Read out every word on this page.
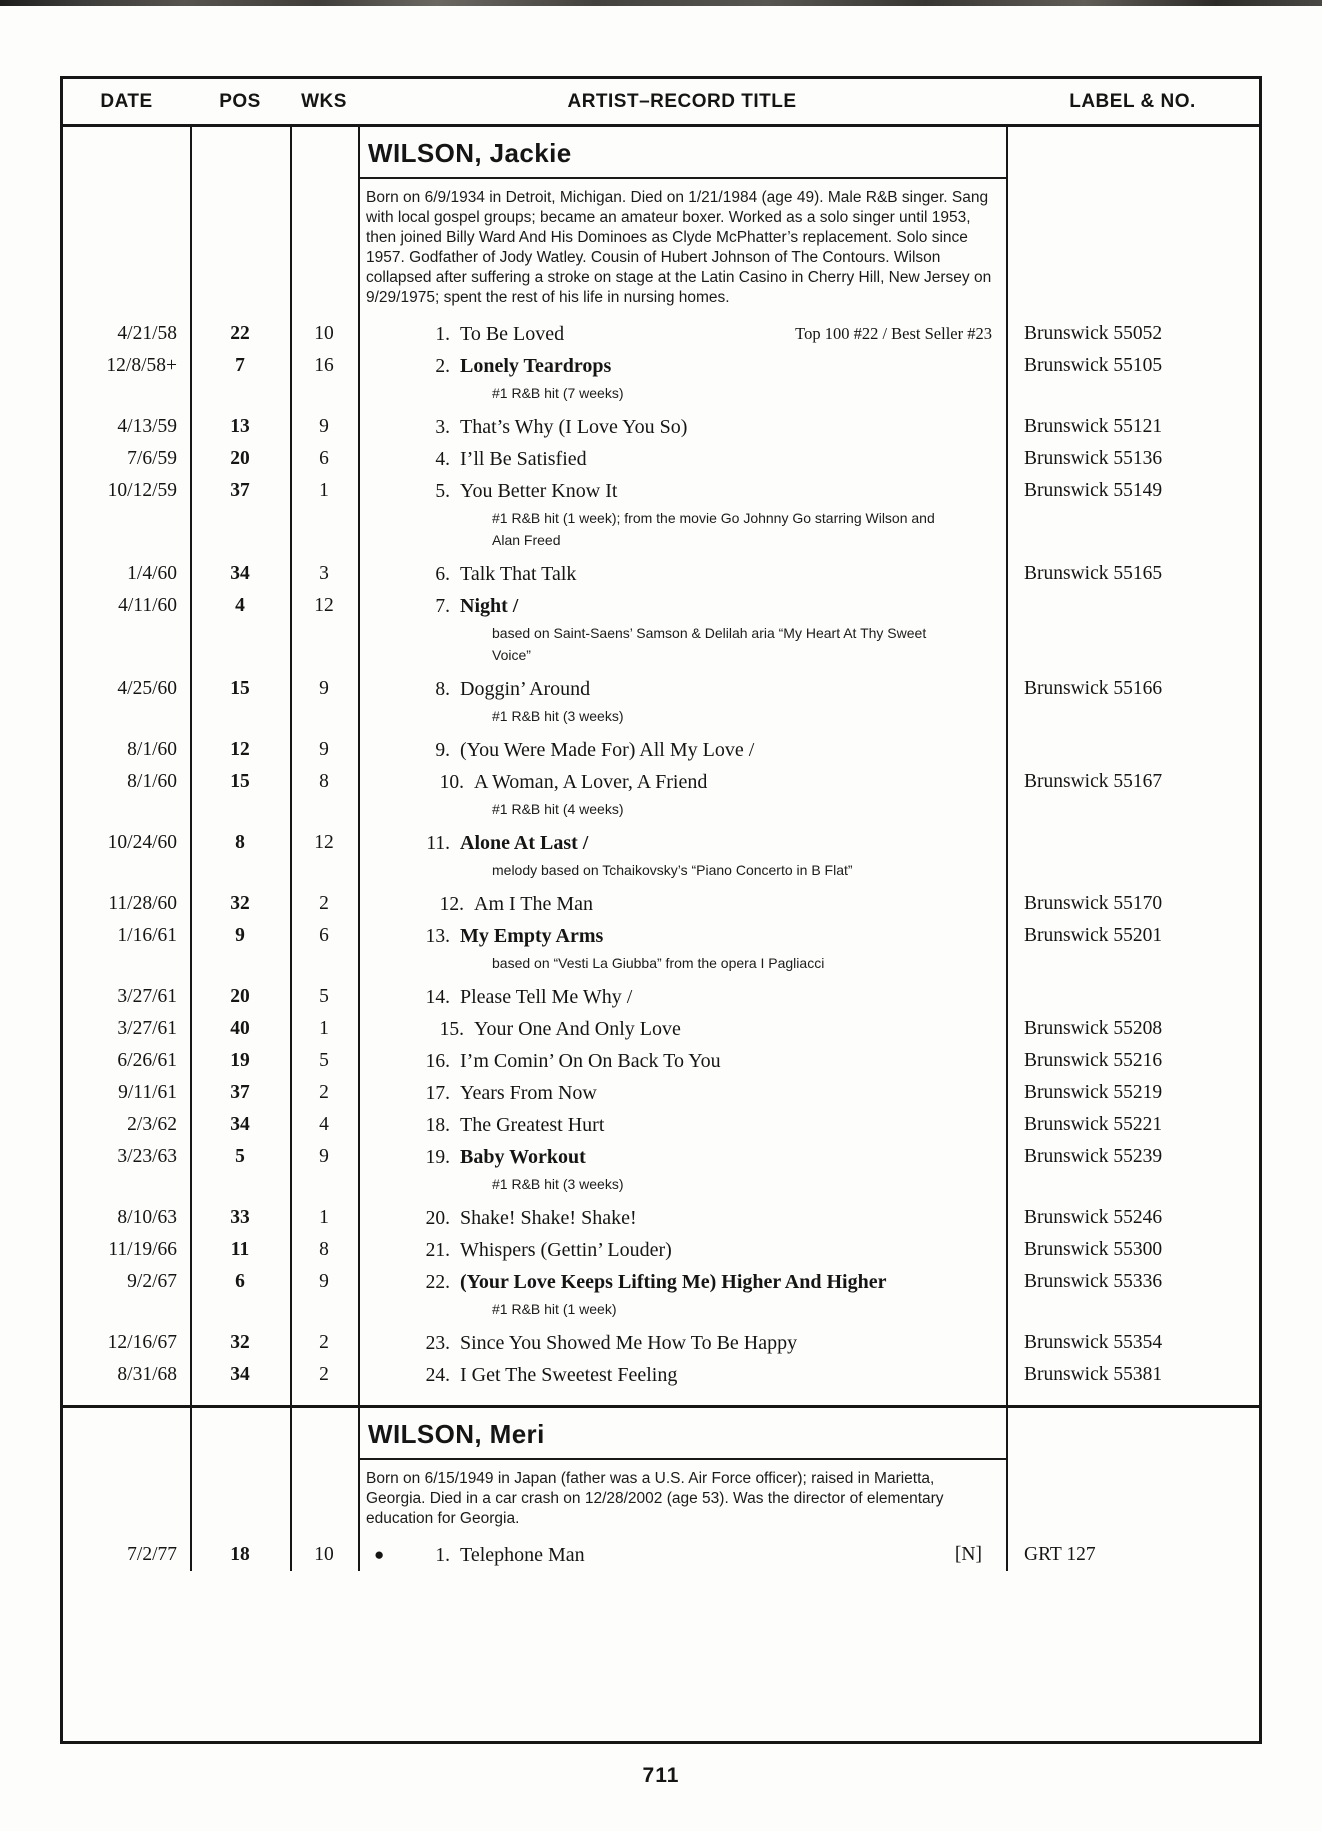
DATE	POS	WKS	ARTIST–RECORD TITLE	LABEL & NO.
WILSON, Jackie
Born on 6/9/1934 in Detroit, Michigan. Died on 1/21/1984 (age 49). Male R&B singer. Sang with local gospel groups; became an amateur boxer. Worked as a solo singer until 1953, then joined Billy Ward And His Dominoes as Clyde McPhatter’s replacement. Solo since 1957. Godfather of Jody Watley. Cousin of Hubert Johnson of The Contours. Wilson collapsed after suffering a stroke on stage at the Latin Casino in Cherry Hill, New Jersey on 9/29/1975; spent the rest of his life in nursing homes.
4/21/58	22	10	1. To Be Loved	Top 100 #22 / Best Seller #23	Brunswick 55052
12/8/58+	7	16	2. Lonely Teardrops	Brunswick 55105
#1 R&B hit (7 weeks)
4/13/59	13	9	3. That’s Why (I Love You So)	Brunswick 55121
7/6/59	20	6	4. I’ll Be Satisfied	Brunswick 55136
10/12/59	37	1	5. You Better Know It	Brunswick 55149
#1 R&B hit (1 week); from the movie Go Johnny Go starring Wilson and Alan Freed
1/4/60	34	3	6. Talk That Talk	Brunswick 55165
4/11/60	4	12	7. Night /
based on Saint-Saens’ Samson & Delilah aria “My Heart At Thy Sweet Voice”
4/25/60	15	9	8. Doggin’ Around	Brunswick 55166
#1 R&B hit (3 weeks)
8/1/60	12	9	9. (You Were Made For) All My Love /
8/1/60	15	8	10. A Woman, A Lover, A Friend	Brunswick 55167
#1 R&B hit (4 weeks)
10/24/60	8	12	11. Alone At Last /
melody based on Tchaikovsky’s “Piano Concerto in B Flat”
11/28/60	32	2	12. Am I The Man	Brunswick 55170
1/16/61	9	6	13. My Empty Arms	Brunswick 55201
based on “Vesti La Giubba” from the opera I Pagliacci
3/27/61	20	5	14. Please Tell Me Why /
3/27/61	40	1	15. Your One And Only Love	Brunswick 55208
6/26/61	19	5	16. I’m Comin’ On On Back To You	Brunswick 55216
9/11/61	37	2	17. Years From Now	Brunswick 55219
2/3/62	34	4	18. The Greatest Hurt	Brunswick 55221
3/23/63	5	9	19. Baby Workout	Brunswick 55239
#1 R&B hit (3 weeks)
8/10/63	33	1	20. Shake! Shake! Shake!	Brunswick 55246
11/19/66	11	8	21. Whispers (Gettin’ Louder)	Brunswick 55300
9/2/67	6	9	22. (Your Love Keeps Lifting Me) Higher And Higher	Brunswick 55336
#1 R&B hit (1 week)
12/16/67	32	2	23. Since You Showed Me How To Be Happy	Brunswick 55354
8/31/68	34	2	24. I Get The Sweetest Feeling	Brunswick 55381
WILSON, Meri
Born on 6/15/1949 in Japan (father was a U.S. Air Force officer); raised in Marietta, Georgia. Died in a car crash on 12/28/2002 (age 53). Was the director of elementary education for Georgia.
7/2/77	18	10	●	1. Telephone Man	[N]	GRT 127
711
